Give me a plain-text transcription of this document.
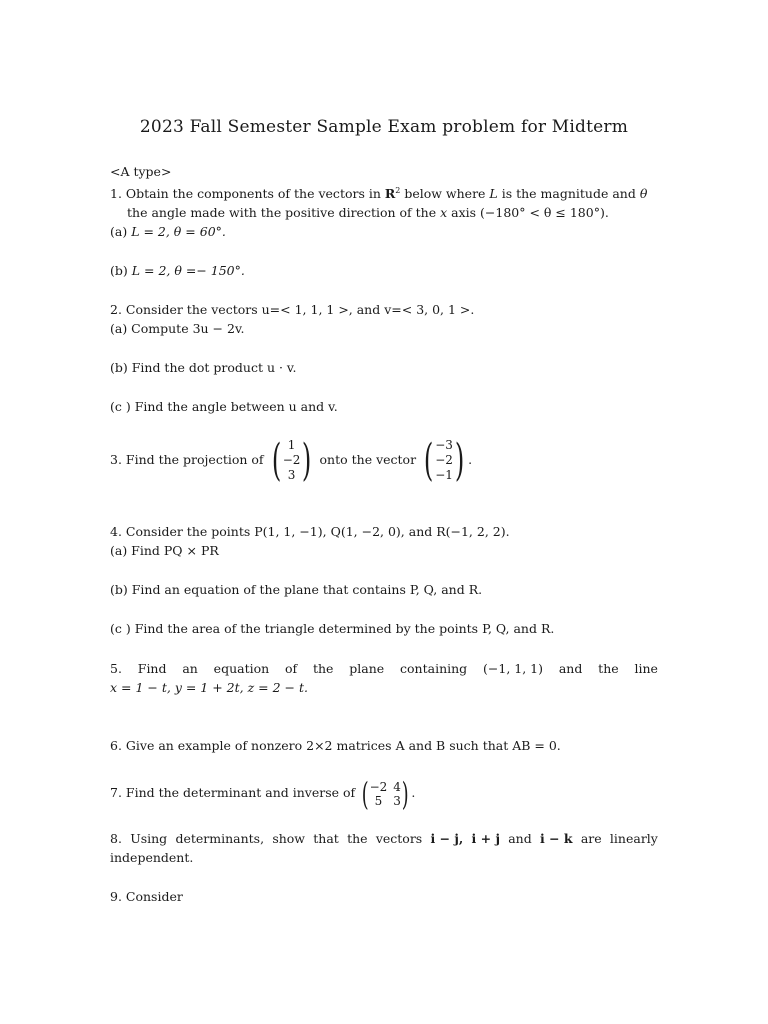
2023 Fall Semester Sample Exam problem for Midterm
<A type>
1. Obtain the components of the vectors in $R^2$ below where L is the magnitude and θ
the angle made with the positive direction of the x axis (−180° < θ ≤ 180°).
(a) L = 2, θ = 60°.
(b) L = 2, θ =− 150°.
2. Consider the vectors u=< 1, 1, 1 >, and v=< 3, 0, 1 >.
(a) Compute 3u − 2v.
(b) Find the dot product u · v.
(c ) Find the angle between u and v.
3. Find the projection of ( 1
−2
3 ) onto the vector ( −3
−2
−1 ) .
4. Consider the points P(1, 1, −1), Q(1, −2, 0), and R(−1, 2, 2).
(a) Find PQ × PR
(b) Find an equation of the plane that contains P, Q, and R.
(c ) Find the area of the triangle determined by the points P, Q, and R.
5. Find an equation of the plane containing (−1, 1, 1) and the line
x = 1 − t, y = 1 + 2t, z = 2 − t.
6. Give an example of nonzero 2×2 matrices A and B such that AB = 0.
7. Find the determinant and inverse of ( −2 4
5 3 ) .
8. Using determinants, show that the vectors i − j, i + j and i − k are linearly
independent.
9. Consider
